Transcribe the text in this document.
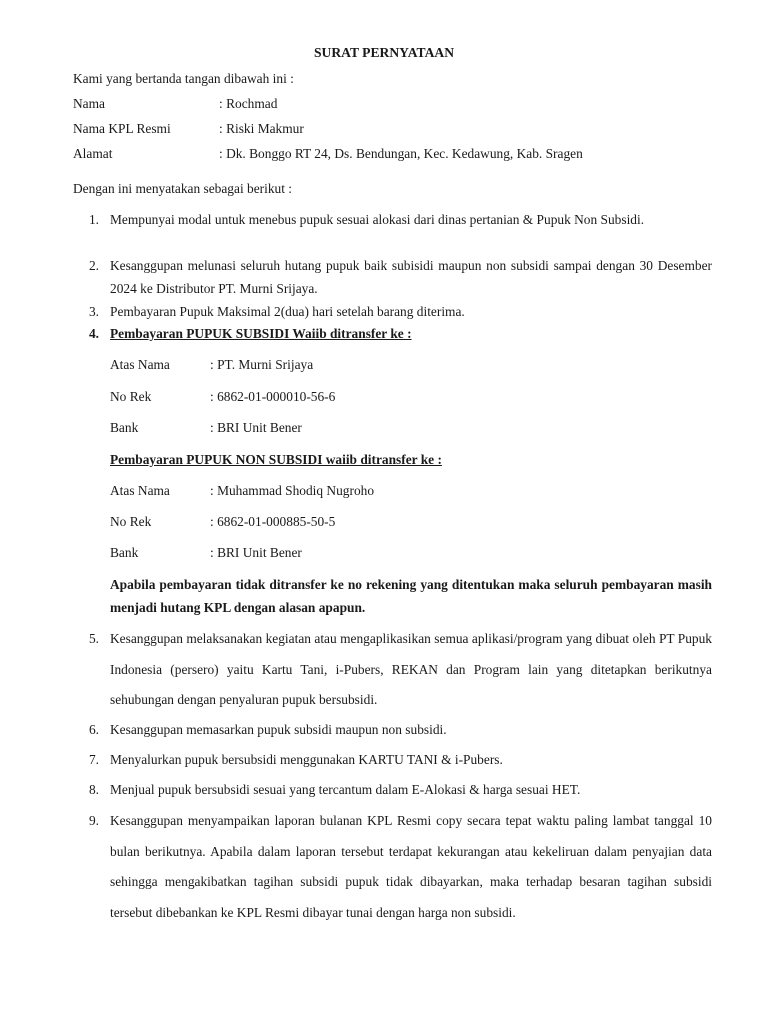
SURAT PERNYATAAN
Kami yang bertanda tangan dibawah ini :
Nama	: Rochmad
Nama KPL Resmi	: Riski Makmur
Alamat	: Dk. Bonggo RT 24, Ds. Bendungan, Kec. Kedawung, Kab. Sragen
Dengan ini menyatakan sebagai berikut :
1. Mempunyai modal untuk menebus pupuk sesuai alokasi dari dinas pertanian & Pupuk Non Subsidi.
2. Kesanggupan melunasi seluruh hutang pupuk baik subisidi maupun non subsidi sampai dengan 30 Desember 2024 ke Distributor PT. Murni Srijaya.
3. Pembayaran Pupuk Maksimal 2(dua) hari setelah barang diterima.
4. Pembayaran PUPUK SUBSIDI Waiib ditransfer ke :
Atas Nama	: PT. Murni Srijaya
No Rek	: 6862-01-000010-56-6
Bank	: BRI Unit Bener
Pembayaran PUPUK NON SUBSIDI waiib ditransfer ke :
Atas Nama	: Muhammad Shodiq Nugroho
No Rek	: 6862-01-000885-50-5
Bank	: BRI Unit Bener
Apabila pembayaran tidak ditransfer ke no rekening yang ditentukan maka seluruh pembayaran masih menjadi hutang KPL dengan alasan apapun.
5. Kesanggupan melaksanakan kegiatan atau mengaplikasikan semua aplikasi/program yang dibuat oleh PT Pupuk Indonesia (persero) yaitu Kartu Tani, i-Pubers, REKAN dan Program lain yang ditetapkan berikutnya sehubungan dengan penyaluran pupuk bersubsidi.
6. Kesanggupan memasarkan pupuk subsidi maupun non subsidi.
7. Menyalurkan pupuk bersubsidi menggunakan KARTU TANI & i-Pubers.
8. Menjual pupuk bersubsidi sesuai yang tercantum dalam E-Alokasi & harga sesuai HET.
9. Kesanggupan menyampaikan laporan bulanan KPL Resmi copy secara tepat waktu paling lambat tanggal 10 bulan berikutnya. Apabila dalam laporan tersebut terdapat kekurangan atau kekeliruan dalam penyajian data sehingga mengakibatkan tagihan subsidi pupuk tidak dibayarkan, maka terhadap besaran tagihan subsidi tersebut dibebankan ke KPL Resmi dibayar tunai dengan harga non subsidi.
